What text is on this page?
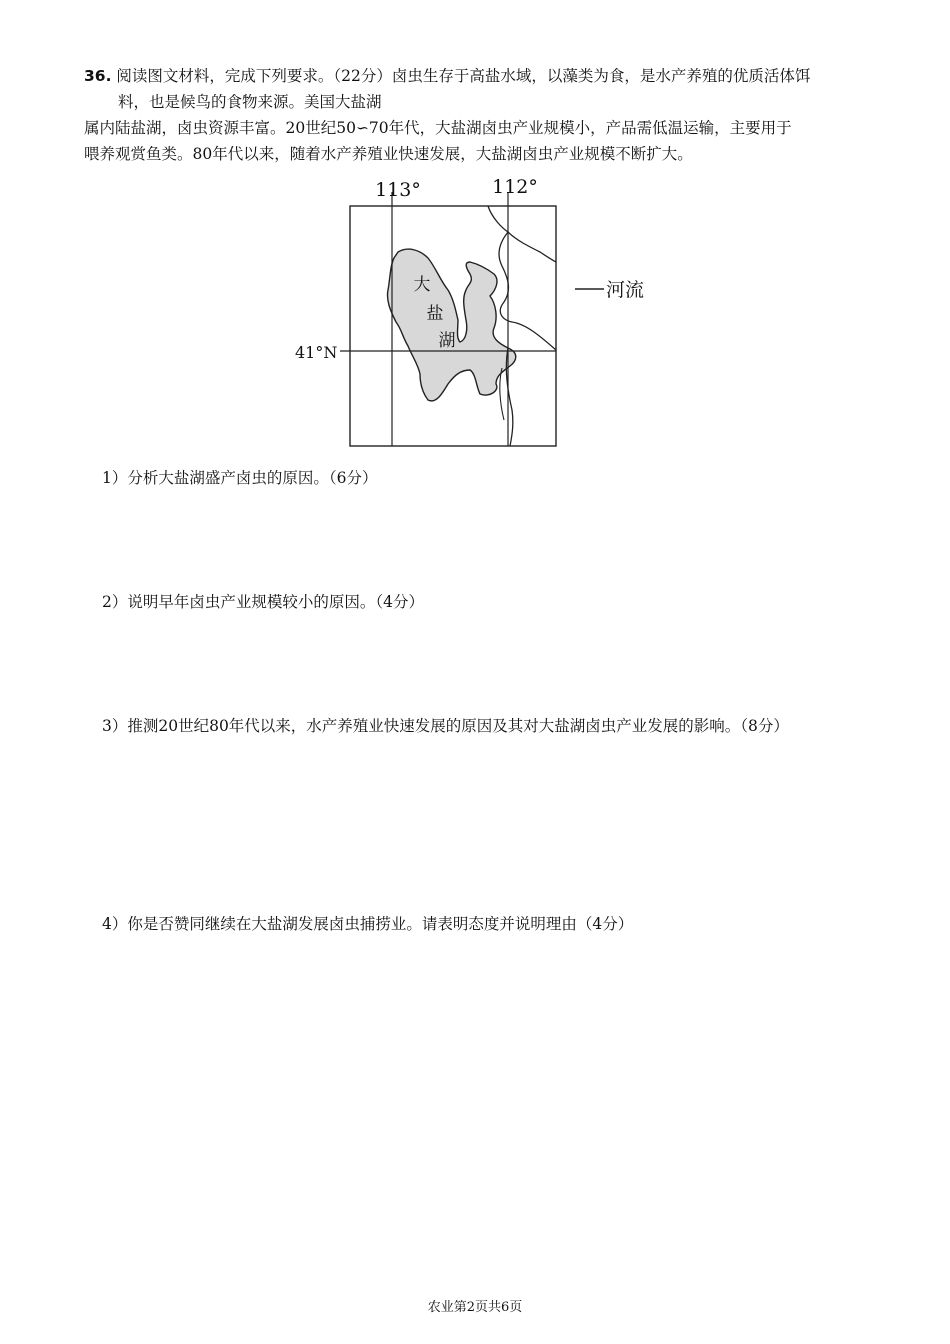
36. 阅读图文材料，完成下列要求。（22分）卤虫生存于高盐水域，以藻类为食，是水产养殖的优质活体饵
料，也是候鸟的食物来源。美国大盐湖
属内陆盐湖，卤虫资源丰富。20世纪50∽70年代，大盐湖卤虫产业规模小，产品需低温运输，主要用于
喂养观赏鱼类。80年代以来，随着水产养殖业快速发展，大盐湖卤虫产业规模不断扩大。
113°	112°
41°N
大
盐
湖
河流
1）分析大盐湖盛产卤虫的原因。（6分）
2）说明早年卤虫产业规模较小的原因。（4分）
3）推测20世纪80年代以来，水产养殖业快速发展的原因及其对大盐湖卤虫产业发展的影响。（8分）
4）你是否赞同继续在大盐湖发展卤虫捕捞业。请表明态度并说明理由（4分）
农业第2页共6页
